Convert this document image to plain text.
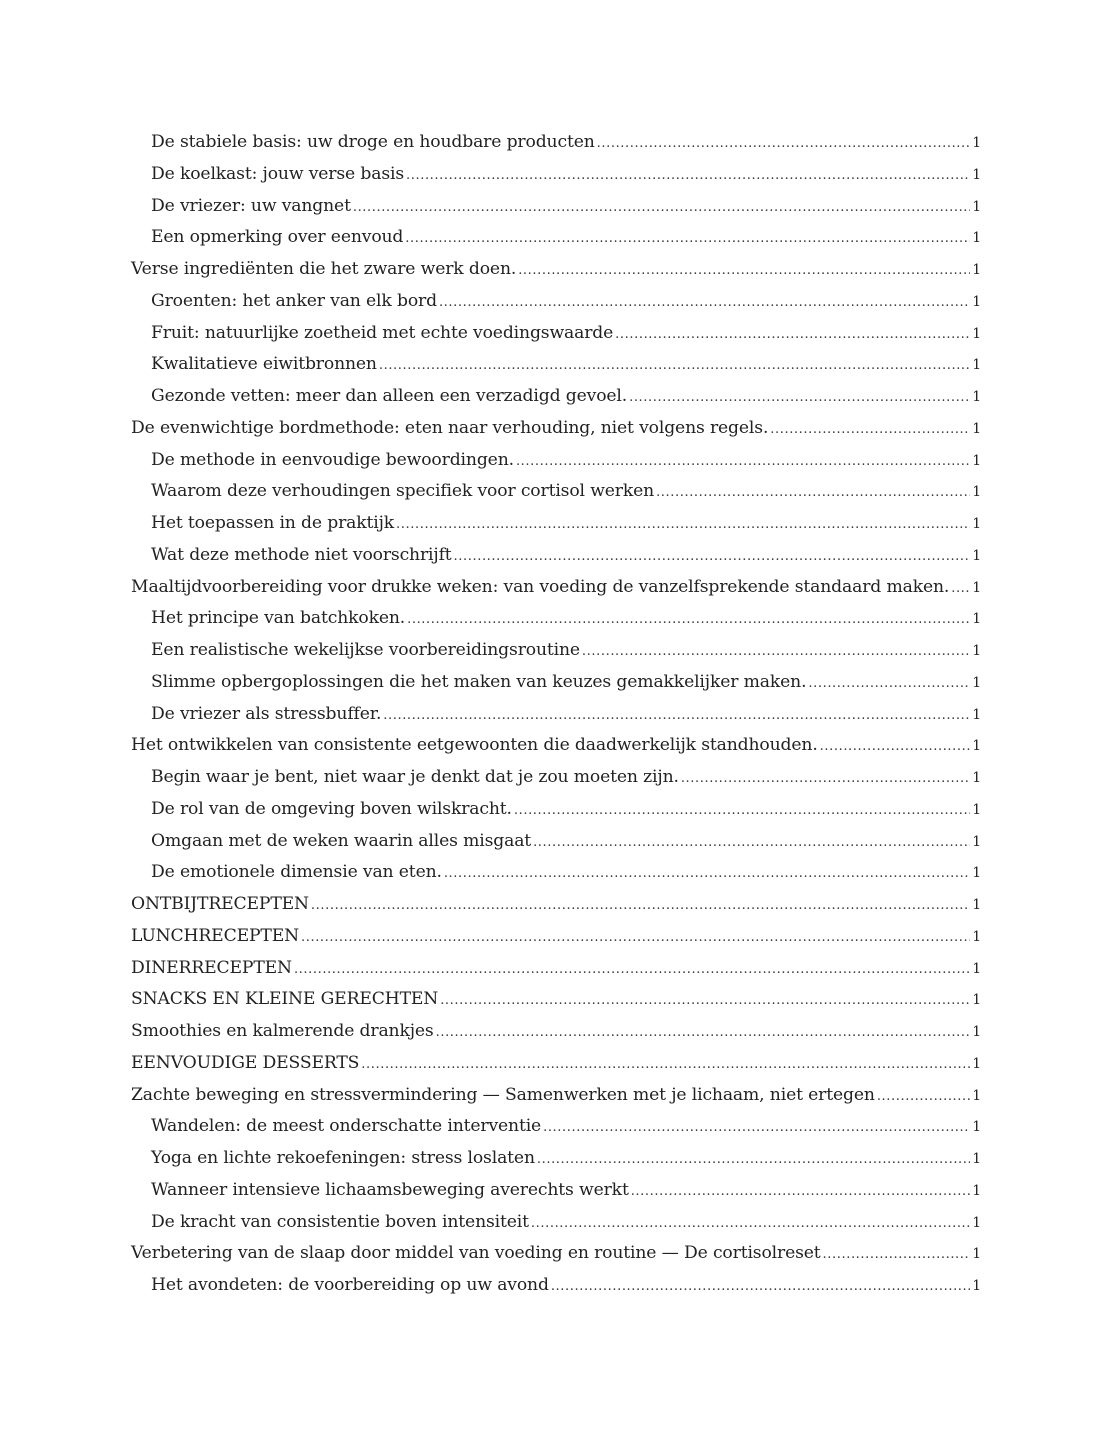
De stabiele basis: uw droge en houdbare producten .....	1
De koelkast: jouw verse basis .....	1
De vriezer: uw vangnet .....	1
Een opmerking over eenvoud .....	1
Verse ingrediënten die het zware werk doen. .....	1
Groenten: het anker van elk bord .....	1
Fruit: natuurlijke zoetheid met echte voedingswaarde .....	1
Kwalitatieve eiwitbronnen .....	1
Gezonde vetten: meer dan alleen een verzadigd gevoel. .....	1
De evenwichtige bordmethode: eten naar verhouding, niet volgens regels. .....	1
De methode in eenvoudige bewoordingen. .....	1
Waarom deze verhoudingen specifiek voor cortisol werken .....	1
Het toepassen in de praktijk .....	1
Wat deze methode niet voorschrijft .....	1
Maaltijdvoorbereiding voor drukke weken: van voeding de vanzelfsprekende standaard maken. ..... 1
Het principe van batchkoken. .....	1
Een realistische wekelijkse voorbereidingsroutine .....	1
Slimme opbergoplossingen die het maken van keuzes gemakkelijker maken. .....	1
De vriezer als stressbuffer. .....	1
Het ontwikkelen van consistente eetgewoonten die daadwerkelijk standhouden. .....	1
Begin waar je bent, niet waar je denkt dat je zou moeten zijn. .....	1
De rol van de omgeving boven wilskracht. .....	1
Omgaan met de weken waarin alles misgaat .....	1
De emotionele dimensie van eten. .....	1
ONTBIJTRECEPTEN .....	1
LUNCHRECEPTEN .....	1
DINERRECEPTEN .....	1
SNACKS EN KLEINE GERECHTEN .....	1
Smoothies en kalmerende drankjes .....	1
EENVOUDIGE DESSERTS .....	1
Zachte beweging en stressvermindering — Samenwerken met je lichaam, niet ertegen .....	1
Wandelen: de meest onderschatte interventie .....	1
Yoga en lichte rekoefeningen: stress loslaten .....	1
Wanneer intensieve lichaamsbeweging averechts werkt .....	1
De kracht van consistentie boven intensiteit .....	1
Verbetering van de slaap door middel van voeding en routine — De cortisolreset .....	1
Het avondeten: de voorbereiding op uw avond .....	1
